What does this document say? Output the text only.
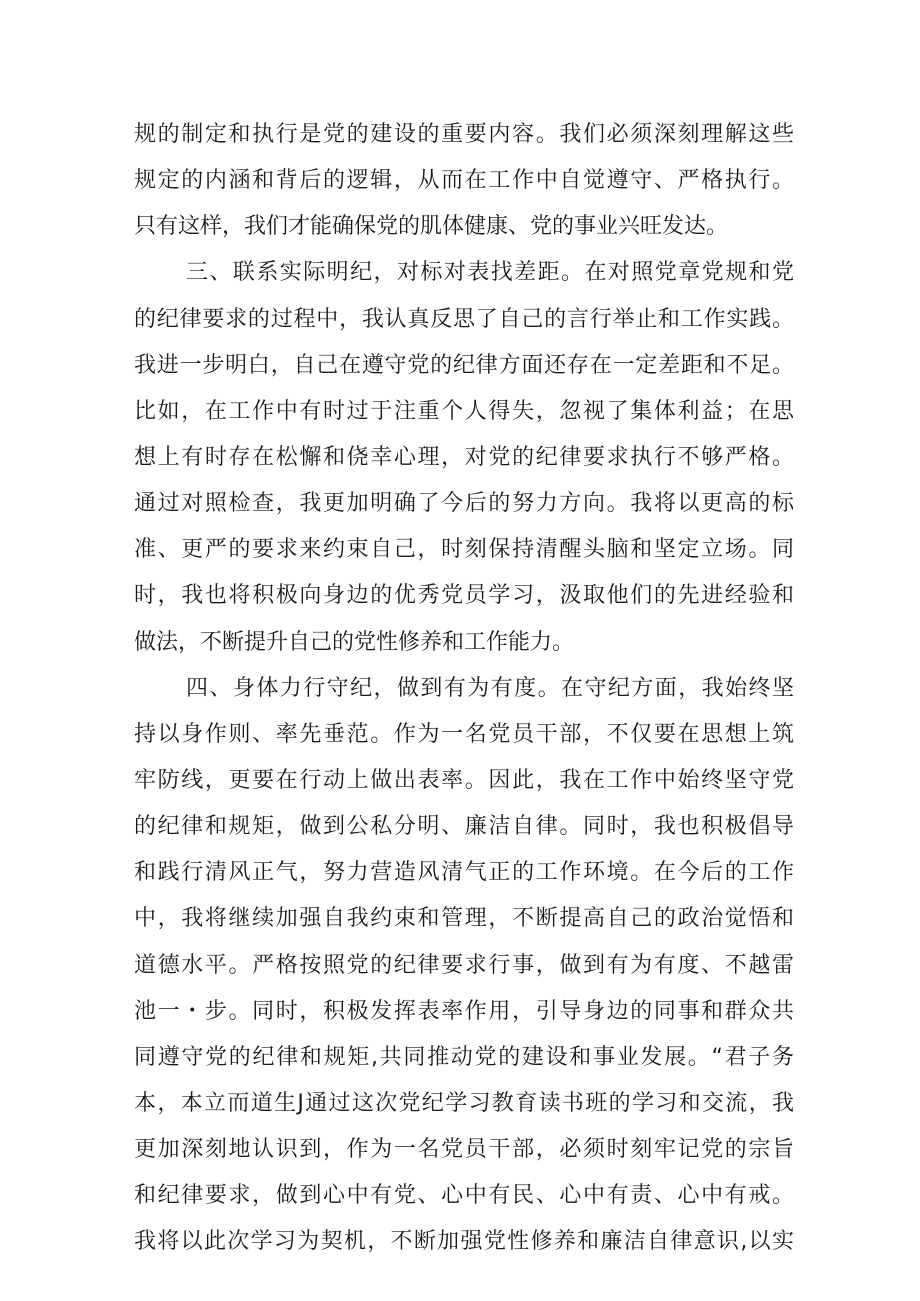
规的制定和执行是党的建设的重要内容。我们必须深刻理解这些
规定的内涵和背后的逻辑，从而在工作中自觉遵守、严格执行。
只有这样，我们才能确保党的肌体健康、党的事业兴旺发达。
三、联系实际明纪，对标对表找差距。在对照党章党规和党
的纪律要求的过程中，我认真反思了自己的言行举止和工作实践。
我进一步明白，自己在遵守党的纪律方面还存在一定差距和不足。
比如，在工作中有时过于注重个人得失，忽视了集体利益；在思
想上有时存在松懈和侥幸心理，对党的纪律要求执行不够严格。
通过对照检查，我更加明确了今后的努力方向。我将以更高的标
准、更严的要求来约束自己，时刻保持清醒头脑和坚定立场。同
时，我也将积极向身边的优秀党员学习，汲取他们的先进经验和
做法，不断提升自己的党性修养和工作能力。
四、身体力行守纪，做到有为有度。在守纪方面，我始终坚
持以身作则、率先垂范。作为一名党员干部，不仅要在思想上筑
牢防线，更要在行动上做出表率。因此，我在工作中始终坚守党
的纪律和规矩，做到公私分明、廉洁自律。同时，我也积极倡导
和践行清风正气，努力营造风清气正的工作环境。在今后的工作
中，我将继续加强自我约束和管理，不断提高自己的政治觉悟和
道德水平。严格按照党的纪律要求行事，做到有为有度、不越雷
池一・步。同时，积极发挥表率作用，引导身边的同事和群众共
同遵守党的纪律和规矩,共同推动党的建设和事业发展。“君子务
本，本立而道生J通过这次党纪学习教育读书班的学习和交流，我
更加深刻地认识到，作为一名党员干部，必须时刻牢记党的宗旨
和纪律要求，做到心中有党、心中有民、心中有责、心中有戒。
我将以此次学习为契机，不断加强党性修养和廉洁自律意识,以实
